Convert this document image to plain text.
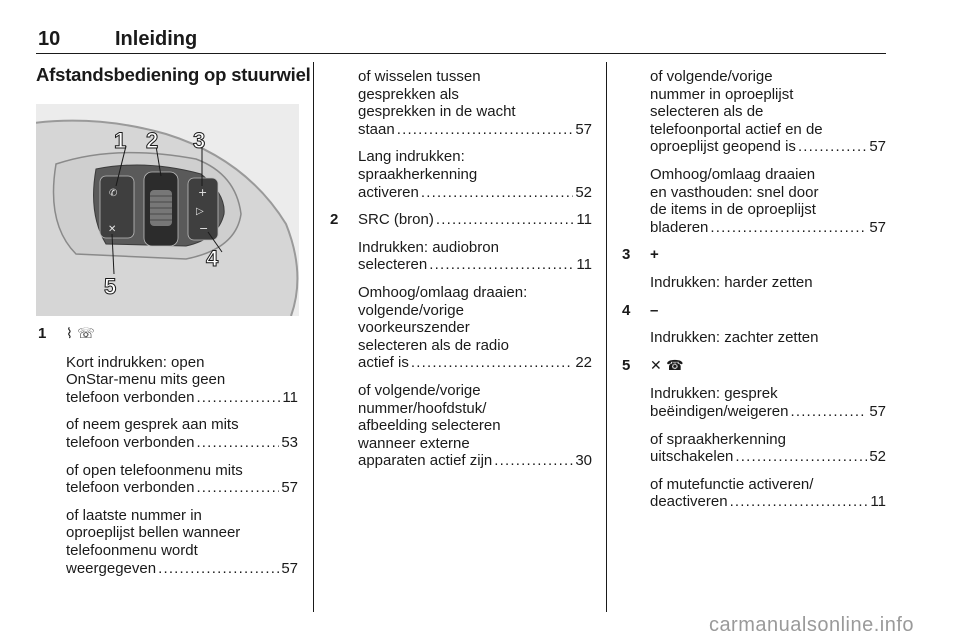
10	Inleiding
Afstandsbediening op stuurwiel
✆
✕
+
▷
−
1 2 3
4
5
1 ⌇ ☏
Kort indrukken: open
OnStar-menu mits geen
telefoon verbonden .....	11
of neem gesprek aan mits
telefoon verbonden .....	53
of open telefoonmenu mits
telefoon verbonden .....	57
of laatste nummer in
oproeplijst bellen wanneer
telefoonmenu wordt
weergegeven .....	57
of wisselen tussen
gesprekken als
gesprekken in de wacht
staan .....	57
Lang indrukken:
spraakherkenning
activeren .....	52
2 SRC (bron) .....	11
Indrukken: audiobron
selecteren .....	11
Omhoog/omlaag draaien:
volgende/vorige
voorkeurszender
selecteren als de radio
actief is .....	22
of volgende/vorige
nummer/hoofdstuk/
afbeelding selecteren
wanneer externe
apparaten actief zijn .....	30
of volgende/vorige
nummer in oproeplijst
selecteren als de
telefoonportal actief en de
oproeplijst geopend is .....	57
Omhoog/omlaag draaien
en vasthouden: snel door
de items in de oproeplijst
bladeren .....	57
3 +
Indrukken: harder zetten
4 –
Indrukken: zachter zetten
5 ✕ ☎
Indrukken: gesprek
beëindigen/weigeren .....	57
of spraakherkenning
uitschakelen .....	52
of mutefunctie activeren/
deactiveren .....	11
carmanualsonline.info
